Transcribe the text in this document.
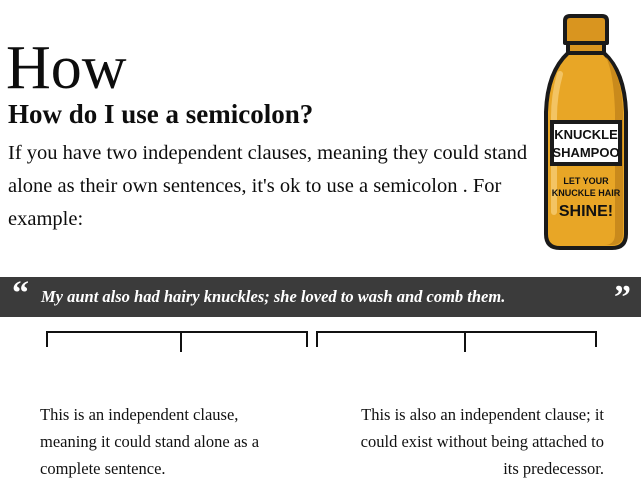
How
How do I use a semicolon?

If you have two independent clauses, meaning they could stand alone as their own sentences, it's ok to use a semicolon . For example:

KNUCKLE
SHAMPOO
LET YOUR
KNUCKLE HAIR
SHINE!
“ My aunt also had hairy knuckles; she loved to wash and comb them.	”

This is an independent clause, meaning it could stand alone as a complete sentence.

This is also an independent clause; it could exist without being attached to its predecessor.
